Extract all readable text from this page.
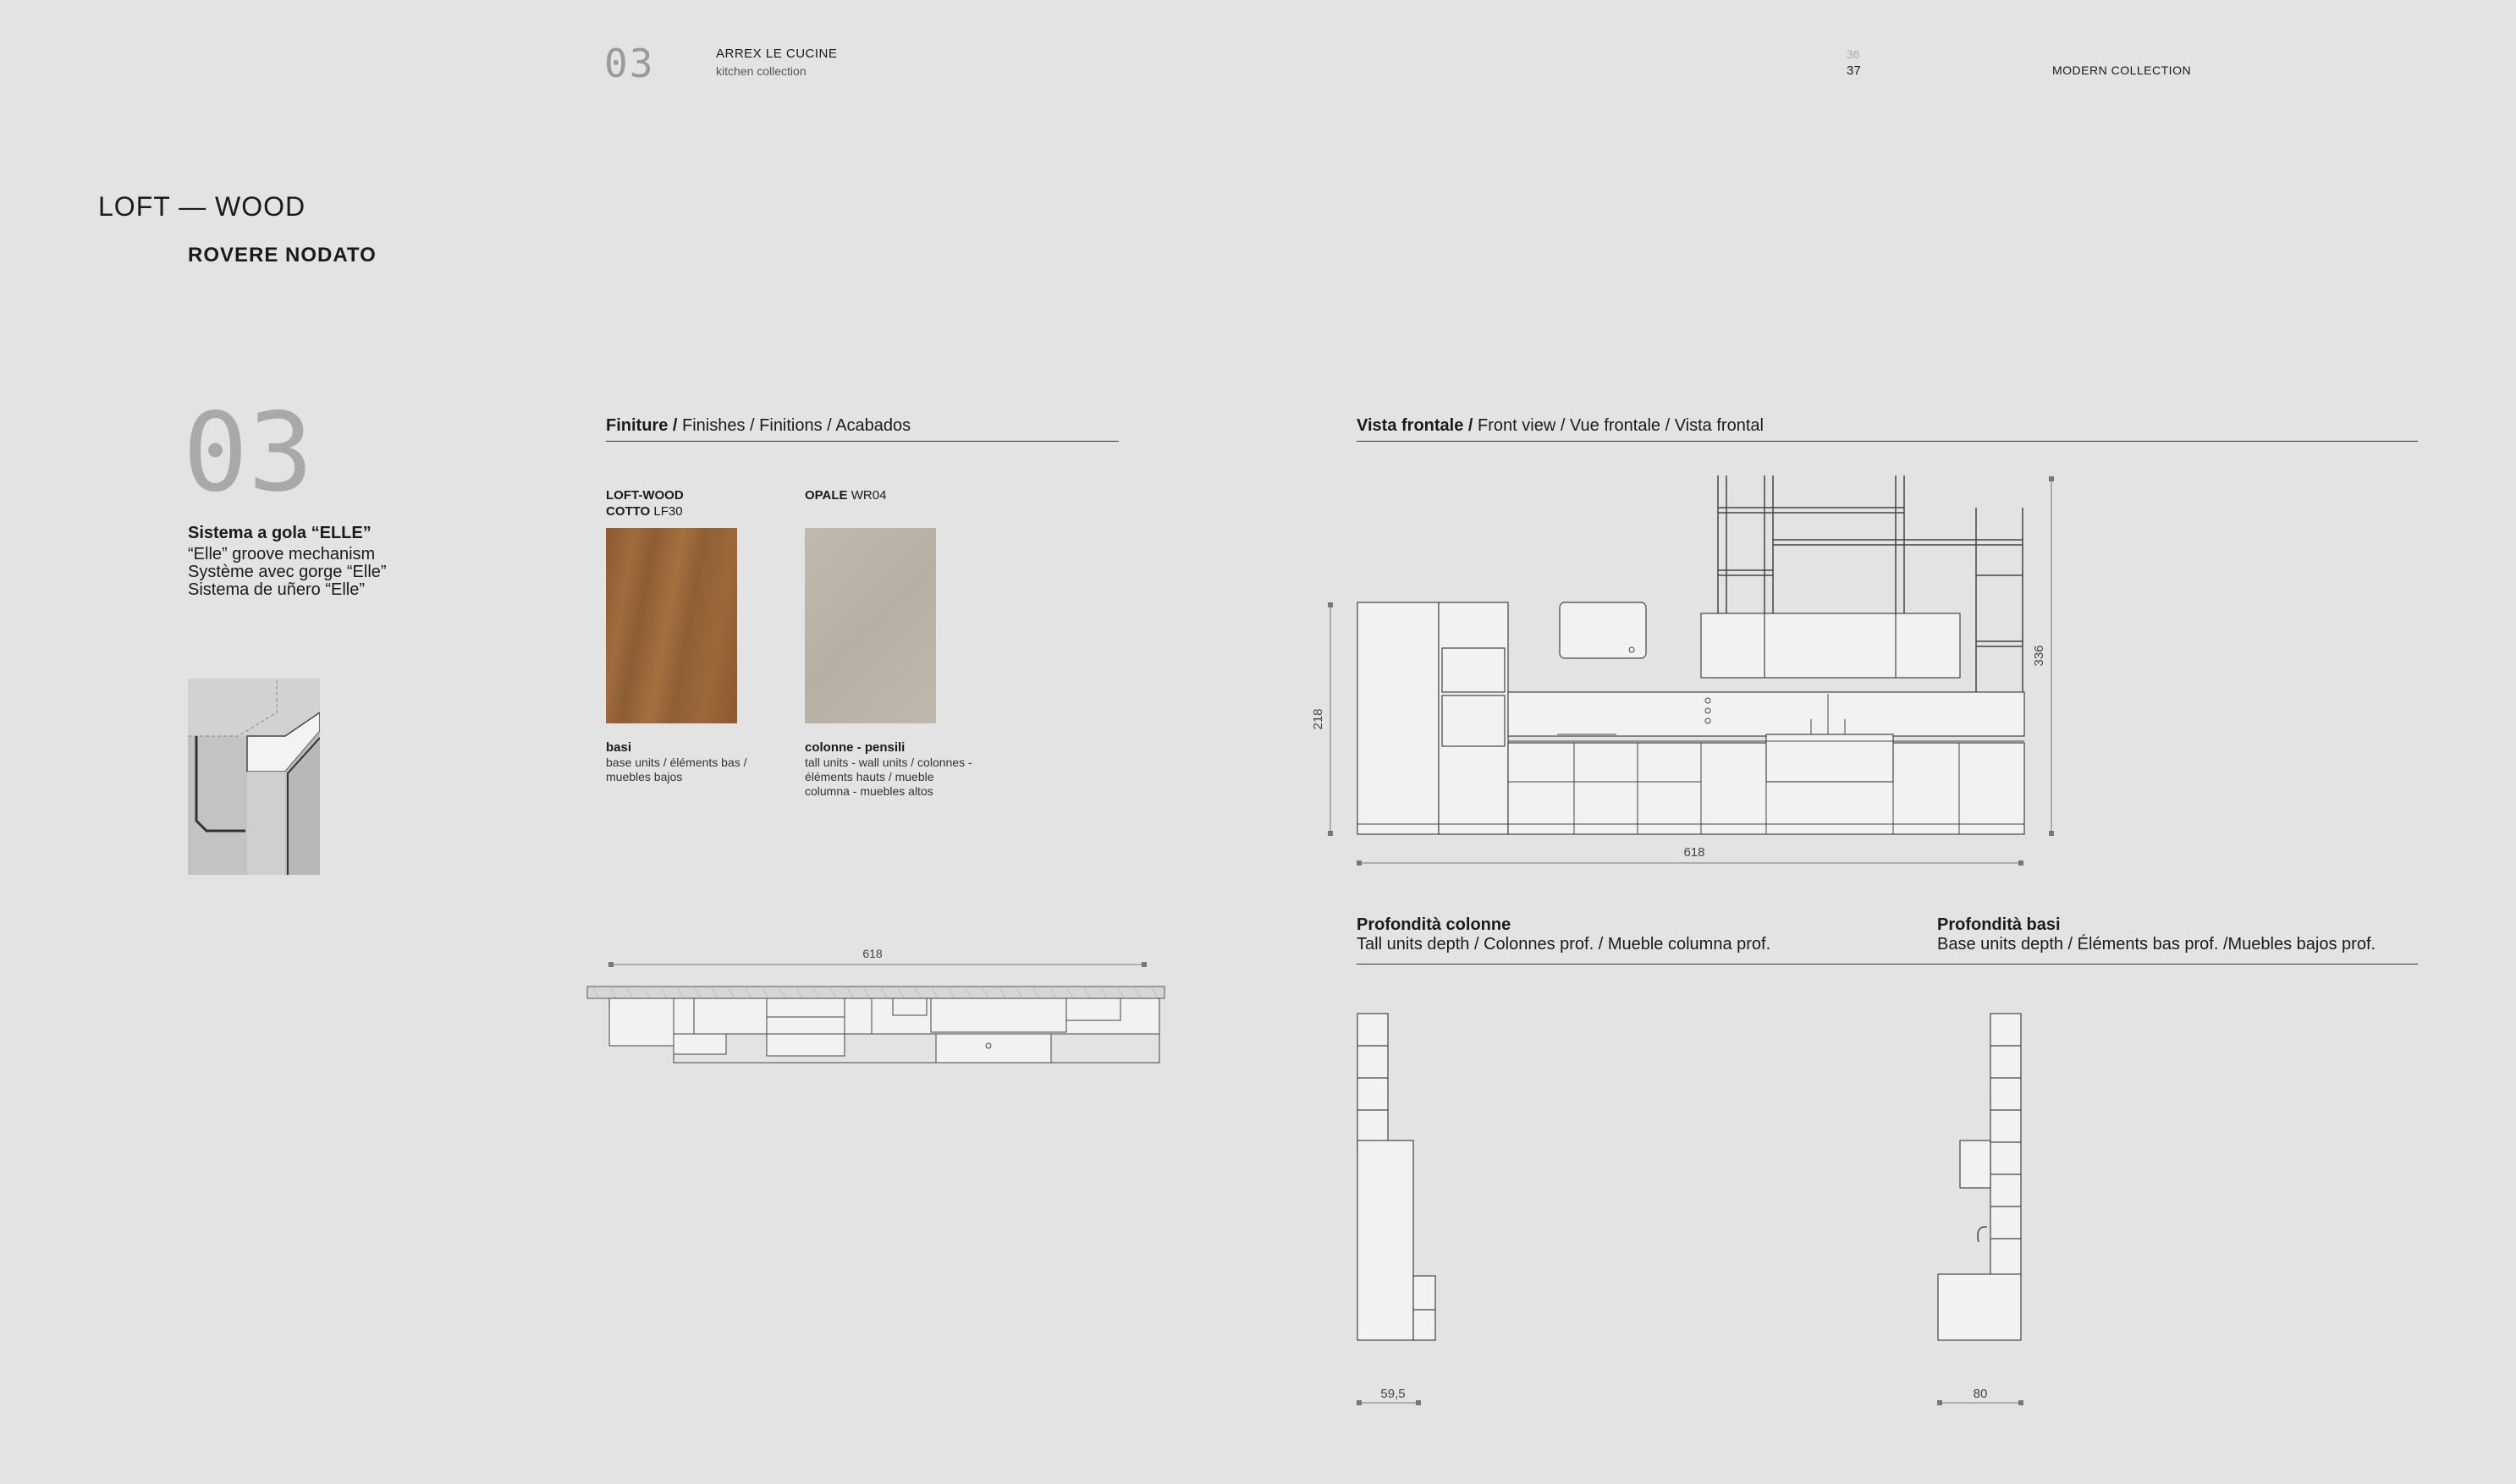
03	ARREX LE CUCINE
kitchen collection
36
37	MODERN COLLECTION
LOFT — WOOD
ROVERE NODATO
03
Sistema a gola “ELLE”
“Elle” groove mechanism
Système avec gorge “Elle”
Sistema de uñero “Elle”
Finiture / Finishes / Finitions / Acabados
LOFT-WOOD
COTTO LF30
basi
base units / éléments bas /
muebles bajos
OPALE WR04
colonne - pensili
tall units - wall units / colonnes -
éléments hauts / mueble
columna - muebles altos
618
Vista frontale / Front view / Vue frontale / Vista frontal
218
336
618
Profondità colonne
Tall units depth / Colonnes prof. / Mueble columna prof.
Profondità basi
Base units depth / Éléments bas prof. /Muebles bajos prof.
59,5	80
